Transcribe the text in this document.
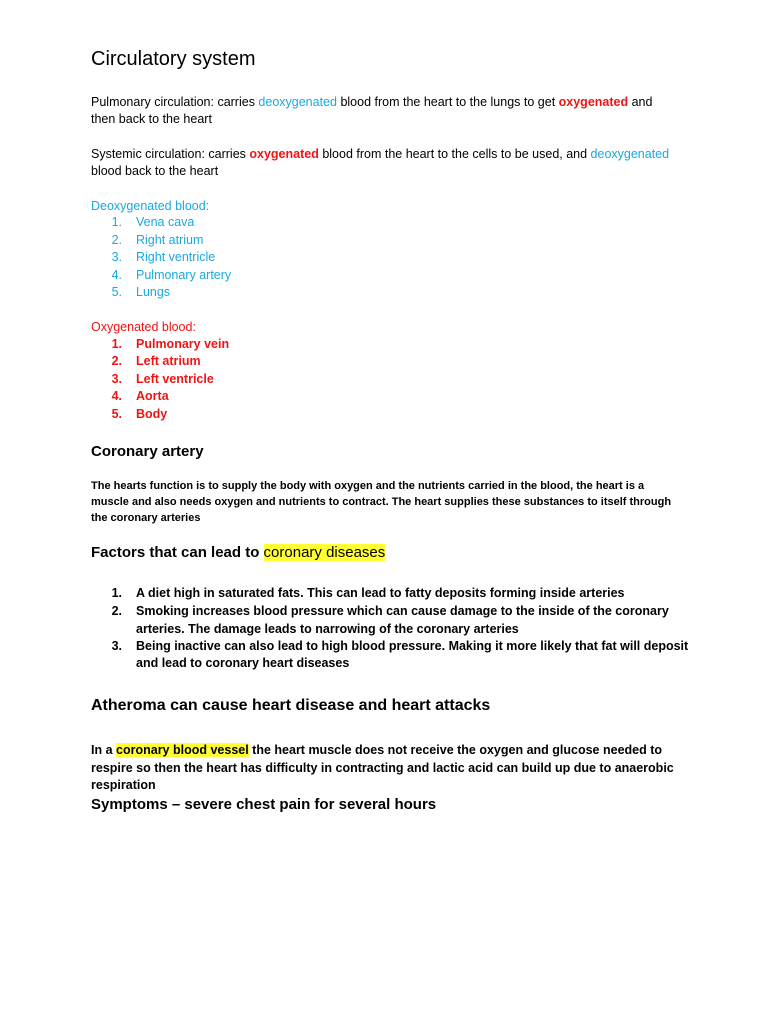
Circulatory system
Pulmonary circulation: carries deoxygenated blood from the heart to the lungs to get oxygenated and
then back to the heart
Systemic circulation: carries oxygenated blood from the heart to the cells to be used, and deoxygenated
blood back to the heart
Deoxygenated blood:
1. Vena cava
2. Right atrium
3. Right ventricle
4. Pulmonary artery
5. Lungs
Oxygenated blood:
1. Pulmonary vein
2. Left atrium
3. Left ventricle
4. Aorta
5. Body
Coronary artery
The hearts function is to supply the body with oxygen and the nutrients carried in the blood, the heart is a
muscle and also needs oxygen and nutrients to contract. The heart supplies these substances to itself through
the coronary arteries
Factors that can lead to coronary diseases
1. A diet high in saturated fats. This can lead to fatty deposits forming inside arteries
2. Smoking increases blood pressure which can cause damage to the inside of the coronary
arteries. The damage leads to narrowing of the coronary arteries
3. Being inactive can also lead to high blood pressure. Making it more likely that fat will deposit
and lead to coronary heart diseases
Atheroma can cause heart disease and heart attacks
In a coronary blood vessel the heart muscle does not receive the oxygen and glucose needed to
respire so then the heart has difficulty in contracting and lactic acid can build up due to anaerobic
respiration
Symptoms – severe chest pain for several hours
